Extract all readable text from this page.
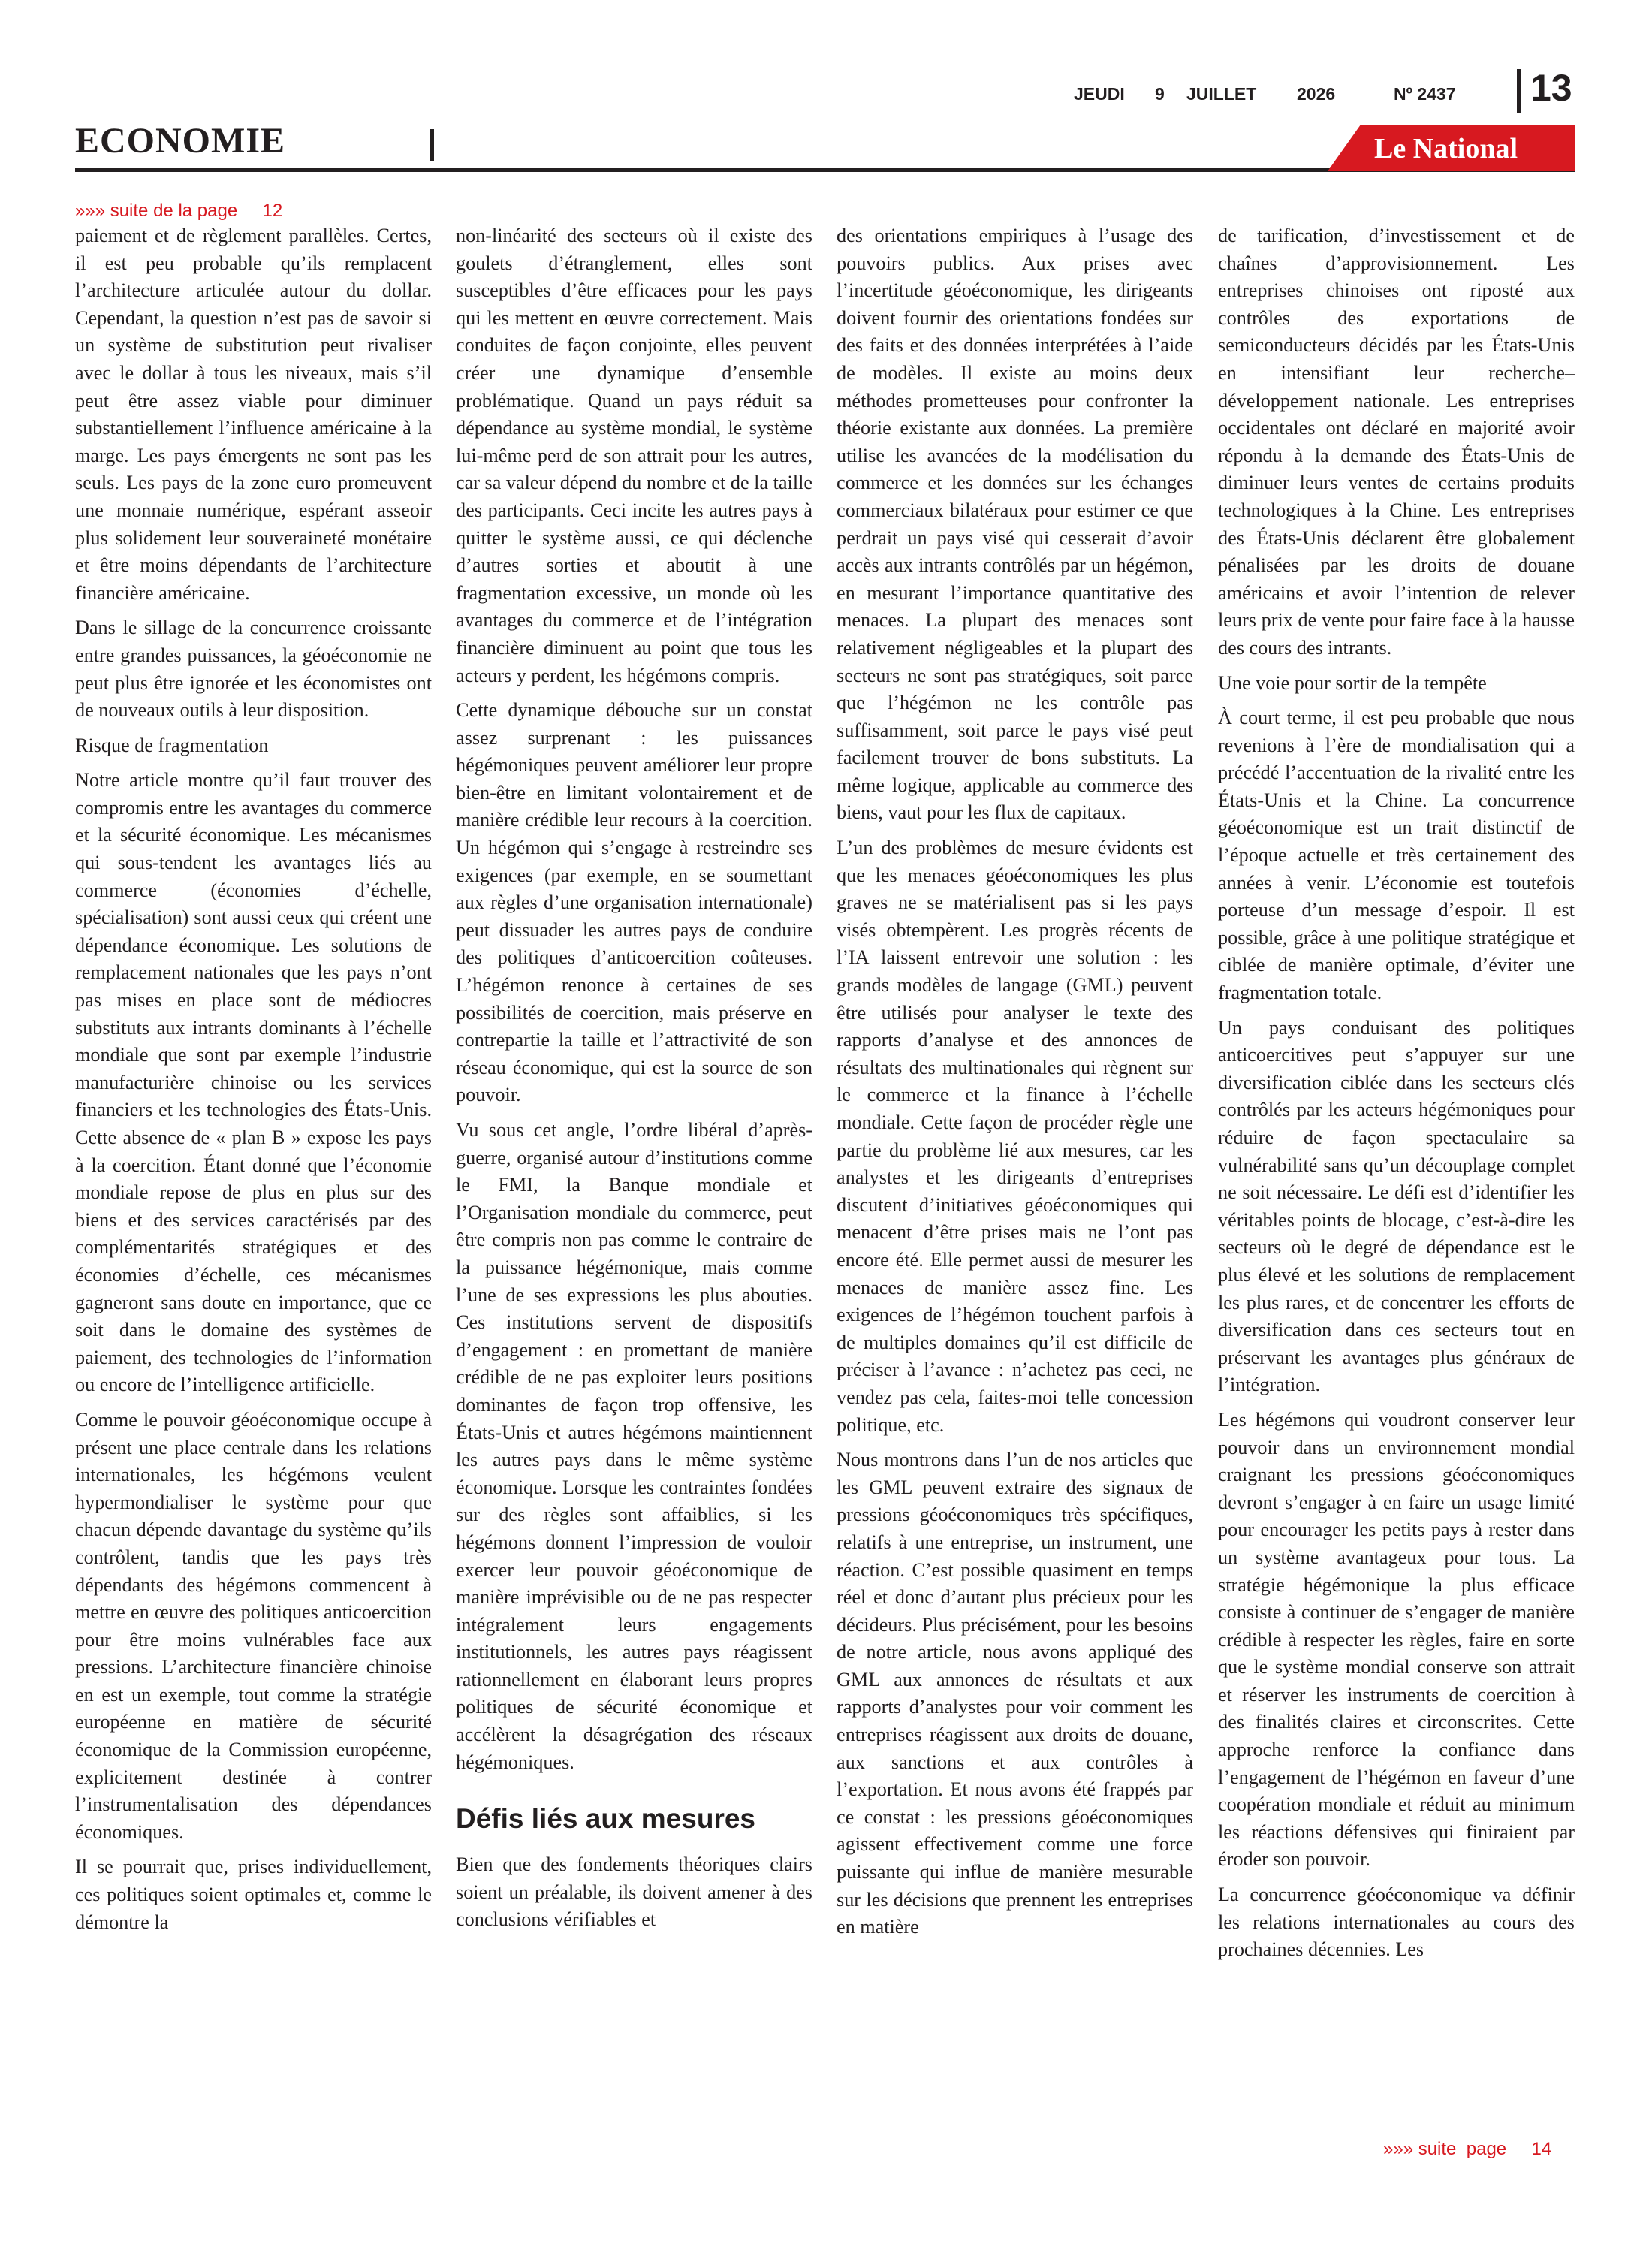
JEUDI 9 JUILLET 2026	Nº 2437 13
ECONOMIE	Le National
»»» suite de la page     12

paiement et de règlement parallèles. Certes, il est peu probable qu’ils remplacent l’architecture articulée autour du dollar. Cependant, la question n’est pas de savoir si un système de substitution peut rivaliser avec le dollar à tous les niveaux, mais s’il peut être assez viable pour diminuer substantiellement l’influence américaine à la marge. Les pays émergents ne sont pas les seuls. Les pays de la zone euro promeuvent une monnaie numérique, espérant asseoir plus solidement leur souveraineté monétaire et être moins dépendants de l’architecture financière américaine.

Dans le sillage de la concurrence croissante entre grandes puissances, la géoéconomie ne peut plus être ignorée et les économistes ont de nouveaux outils à leur disposition.

Risque de fragmentation

Notre article montre qu’il faut trouver des compromis entre les avantages du commerce et la sécurité économique. Les mécanismes qui sous-tendent les avantages liés au commerce (économies d’échelle, spécialisation) sont aussi ceux qui créent une dépendance économique. Les solutions de remplacement nationales que les pays n’ont pas mises en place sont de médiocres substituts aux intrants dominants à l’échelle mondiale que sont par exemple l’industrie manufacturière chinoise ou les services financiers et les technologies des États-Unis. Cette absence de « plan B » expose les pays à la coercition. Étant donné que l’économie mondiale repose de plus en plus sur des biens et des services caractérisés par des complémentarités stratégiques et des économies d’échelle, ces mécanismes gagneront sans doute en importance, que ce soit dans le domaine des systèmes de paiement, des technologies de l’information ou encore de l’intelligence artificielle.

Comme le pouvoir géoéconomique occupe à présent une place centrale dans les relations internationales, les hégémons veulent hypermondialiser le système pour que chacun dépende davantage du système qu’ils contrôlent, tandis que les pays très dépendants des hégémons commencent à mettre en œuvre des politiques anticoercition pour être moins vulnérables face aux pressions. L’architecture financière chinoise en est un exemple, tout comme la stratégie européenne en matière de sécurité économique de la Commission européenne, explicitement destinée à contrer l’instrumentalisation des dépendances économiques.

Il se pourrait que, prises individuellement, ces politiques soient optimales et, comme le démontre la

non-linéarité des secteurs où il existe des goulets d’étranglement, elles sont susceptibles d’être efficaces pour les pays qui les mettent en œuvre correctement. Mais conduites de façon conjointe, elles peuvent créer une dynamique d’ensemble problématique. Quand un pays réduit sa dépendance au système mondial, le système lui-même perd de son attrait pour les autres, car sa valeur dépend du nombre et de la taille des participants. Ceci incite les autres pays à quitter le système aussi, ce qui déclenche d’autres sorties et aboutit à une fragmentation excessive, un monde où les avantages du commerce et de l’intégration financière diminuent au point que tous les acteurs y perdent, les hégémons compris.

Cette dynamique débouche sur un constat assez surprenant : les puissances hégémoniques peuvent améliorer leur propre bien-être en limitant volontairement et de manière crédible leur recours à la coercition. Un hégémon qui s’engage à restreindre ses exigences (par exemple, en se soumettant aux règles d’une organisation internationale) peut dissuader les autres pays de conduire des politiques d’anticoercition coûteuses. L’hégémon renonce à certaines de ses possibilités de coercition, mais préserve en contrepartie la taille et l’attractivité de son réseau économique, qui est la source de son pouvoir.

Vu sous cet angle, l’ordre libéral d’après-guerre, organisé autour d’institutions comme le FMI, la Banque mondiale et l’Organisation mondiale du commerce, peut être compris non pas comme le contraire de la puissance hégémonique, mais comme l’une de ses expressions les plus abouties. Ces institutions servent de dispositifs d’engagement : en promettant de manière crédible de ne pas exploiter leurs positions dominantes de façon trop offensive, les États-Unis et autres hégémons maintiennent les autres pays dans le même système économique. Lorsque les contraintes fondées sur des règles sont affaiblies, si les hégémons donnent l’impression de vouloir exercer leur pouvoir géoéconomique de manière imprévisible ou de ne pas respecter intégralement leurs engagements institutionnels, les autres pays réagissent rationnellement en élaborant leurs propres politiques de sécurité économique et accélèrent la désagrégation des réseaux hégémoniques.

Défis liés aux mesures

Bien que des fondements théoriques clairs soient un préalable, ils doivent amener à des conclusions vérifiables et

des orientations empiriques à l’usage des pouvoirs publics. Aux prises avec l’incertitude géoéconomique, les dirigeants doivent fournir des orientations fondées sur des faits et des données interprétées à l’aide de modèles. Il existe au moins deux méthodes prometteuses pour confronter la théorie existante aux données. La première utilise les avancées de la modélisation du commerce et les données sur les échanges commerciaux bilatéraux pour estimer ce que perdrait un pays visé qui cesserait d’avoir accès aux intrants contrôlés par un hégémon, en mesurant l’importance quantitative des menaces. La plupart des menaces sont relativement négligeables et la plupart des secteurs ne sont pas stratégiques, soit parce que l’hégémon ne les contrôle pas suffisamment, soit parce le pays visé peut facilement trouver de bons substituts. La même logique, applicable au commerce des biens, vaut pour les flux de capitaux.

L’un des problèmes de mesure évidents est que les menaces géoéconomiques les plus graves ne se matérialisent pas si les pays visés obtempèrent. Les progrès récents de l’IA laissent entrevoir une solution : les grands modèles de langage (GML) peuvent être utilisés pour analyser le texte des rapports d’analyse et des annonces de résultats des multinationales qui règnent sur le commerce et la finance à l’échelle mondiale. Cette façon de procéder règle une partie du problème lié aux mesures, car les analystes et les dirigeants d’entreprises discutent d’initiatives géoéconomiques qui menacent d’être prises mais ne l’ont pas encore été. Elle permet aussi de mesurer les menaces de manière assez fine. Les exigences de l’hégémon touchent parfois à de multiples domaines qu’il est difficile de préciser à l’avance : n’achetez pas ceci, ne vendez pas cela, faites-moi telle concession politique, etc.

Nous montrons dans l’un de nos articles que les GML peuvent extraire des signaux de pressions géoéconomiques très spécifiques, relatifs à une entreprise, un instrument, une réaction. C’est possible quasiment en temps réel et donc d’autant plus précieux pour les décideurs. Plus précisément, pour les besoins de notre article, nous avons appliqué des GML aux annonces de résultats et aux rapports d’analystes pour voir comment les entreprises réagissent aux droits de douane, aux sanctions et aux contrôles à l’exportation. Et nous avons été frappés par ce constat : les pressions géoéconomiques agissent effectivement comme une force puissante qui influe de manière mesurable sur les décisions que prennent les entreprises en matière

de tarification, d’investissement et de chaînes d’approvisionnement. Les entreprises chinoises ont riposté aux contrôles des exportations de semiconducteurs décidés par les États-Unis en intensifiant leur recherche–développement nationale. Les entreprises occidentales ont déclaré en majorité avoir répondu à la demande des États-Unis de diminuer leurs ventes de certains produits technologiques à la Chine. Les entreprises des États-Unis déclarent être globalement pénalisées par les droits de douane américains et avoir l’intention de relever leurs prix de vente pour faire face à la hausse des cours des intrants.

Une voie pour sortir de la tempête

À court terme, il est peu probable que nous revenions à l’ère de mondialisation qui a précédé l’accentuation de la rivalité entre les États-Unis et la Chine. La concurrence géoéconomique est un trait distinctif de l’époque actuelle et très certainement des années à venir. L’économie est toutefois porteuse d’un message d’espoir. Il est possible, grâce à une politique stratégique et ciblée de manière optimale, d’éviter une fragmentation totale.

Un pays conduisant des politiques anticoercitives peut s’appuyer sur une diversification ciblée dans les secteurs clés contrôlés par les acteurs hégémoniques pour réduire de façon spectaculaire sa vulnérabilité sans qu’un découplage complet ne soit nécessaire. Le défi est d’identifier les véritables points de blocage, c’est-à-dire les secteurs où le degré de dépendance est le plus élevé et les solutions de remplacement les plus rares, et de concentrer les efforts de diversification dans ces secteurs tout en préservant les avantages plus généraux de l’intégration.

Les hégémons qui voudront conserver leur pouvoir dans un environnement mondial craignant les pressions géoéconomiques devront s’engager à en faire un usage limité pour encourager les petits pays à rester dans un système avantageux pour tous. La stratégie hégémonique la plus efficace consiste à continuer de s’engager de manière crédible à respecter les règles, faire en sorte que le système mondial conserve son attrait et réserver les instruments de coercition à des finalités claires et circonscrites. Cette approche renforce la confiance dans l’engagement de l’hégémon en faveur d’une coopération mondiale et réduit au minimum les réactions défensives qui finiraient par éroder son pouvoir.

La concurrence géoéconomique va définir les relations internationales au cours des prochaines décennies. Les

»»» suite  page     14
